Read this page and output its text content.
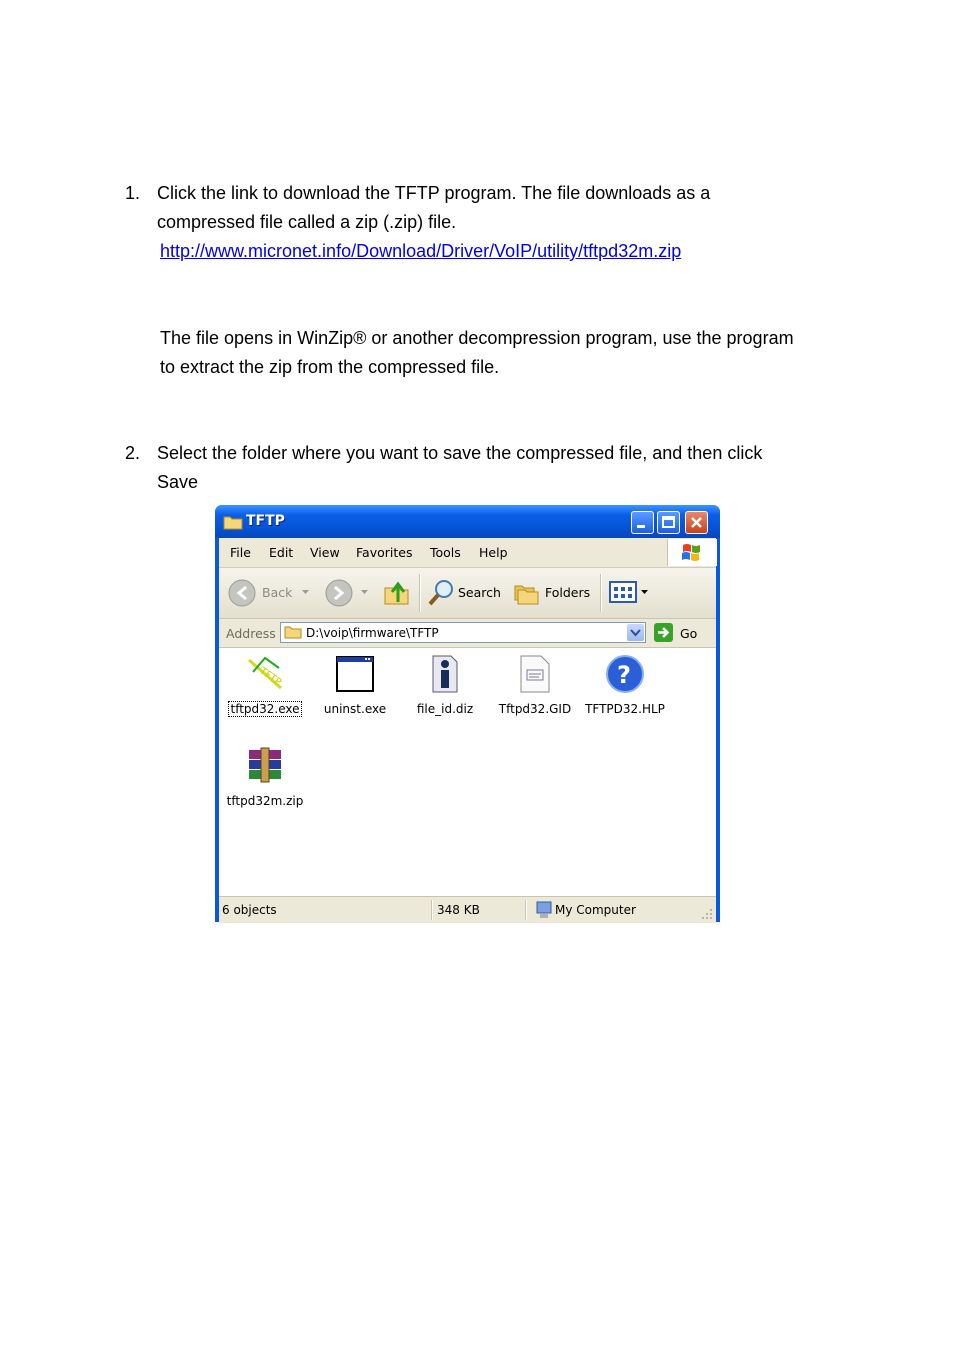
1. Click the link to download the TFTP program. The file downloads as a
compressed file called a zip (.zip) file.
http://www.micronet.info/Download/Driver/VoIP/utility/tftpd32m.zip
The file opens in WinZip® or another decompression program, use the program
to extract the zip from the compressed file.
2. Select the folder where you want to save the compressed file, and then click
Save
TFTP
File Edit View Favorites Tools Help
Back	Search	Folders
Address	D:\voip\firmware\TFTP	Go
TFTP
tftpd32.exe	uninst.exe	file_id.diz	Tftpd32.GID
?
TFTPD32.HLP
tftpd32m.zip
6 objects	348 KB	My Computer
